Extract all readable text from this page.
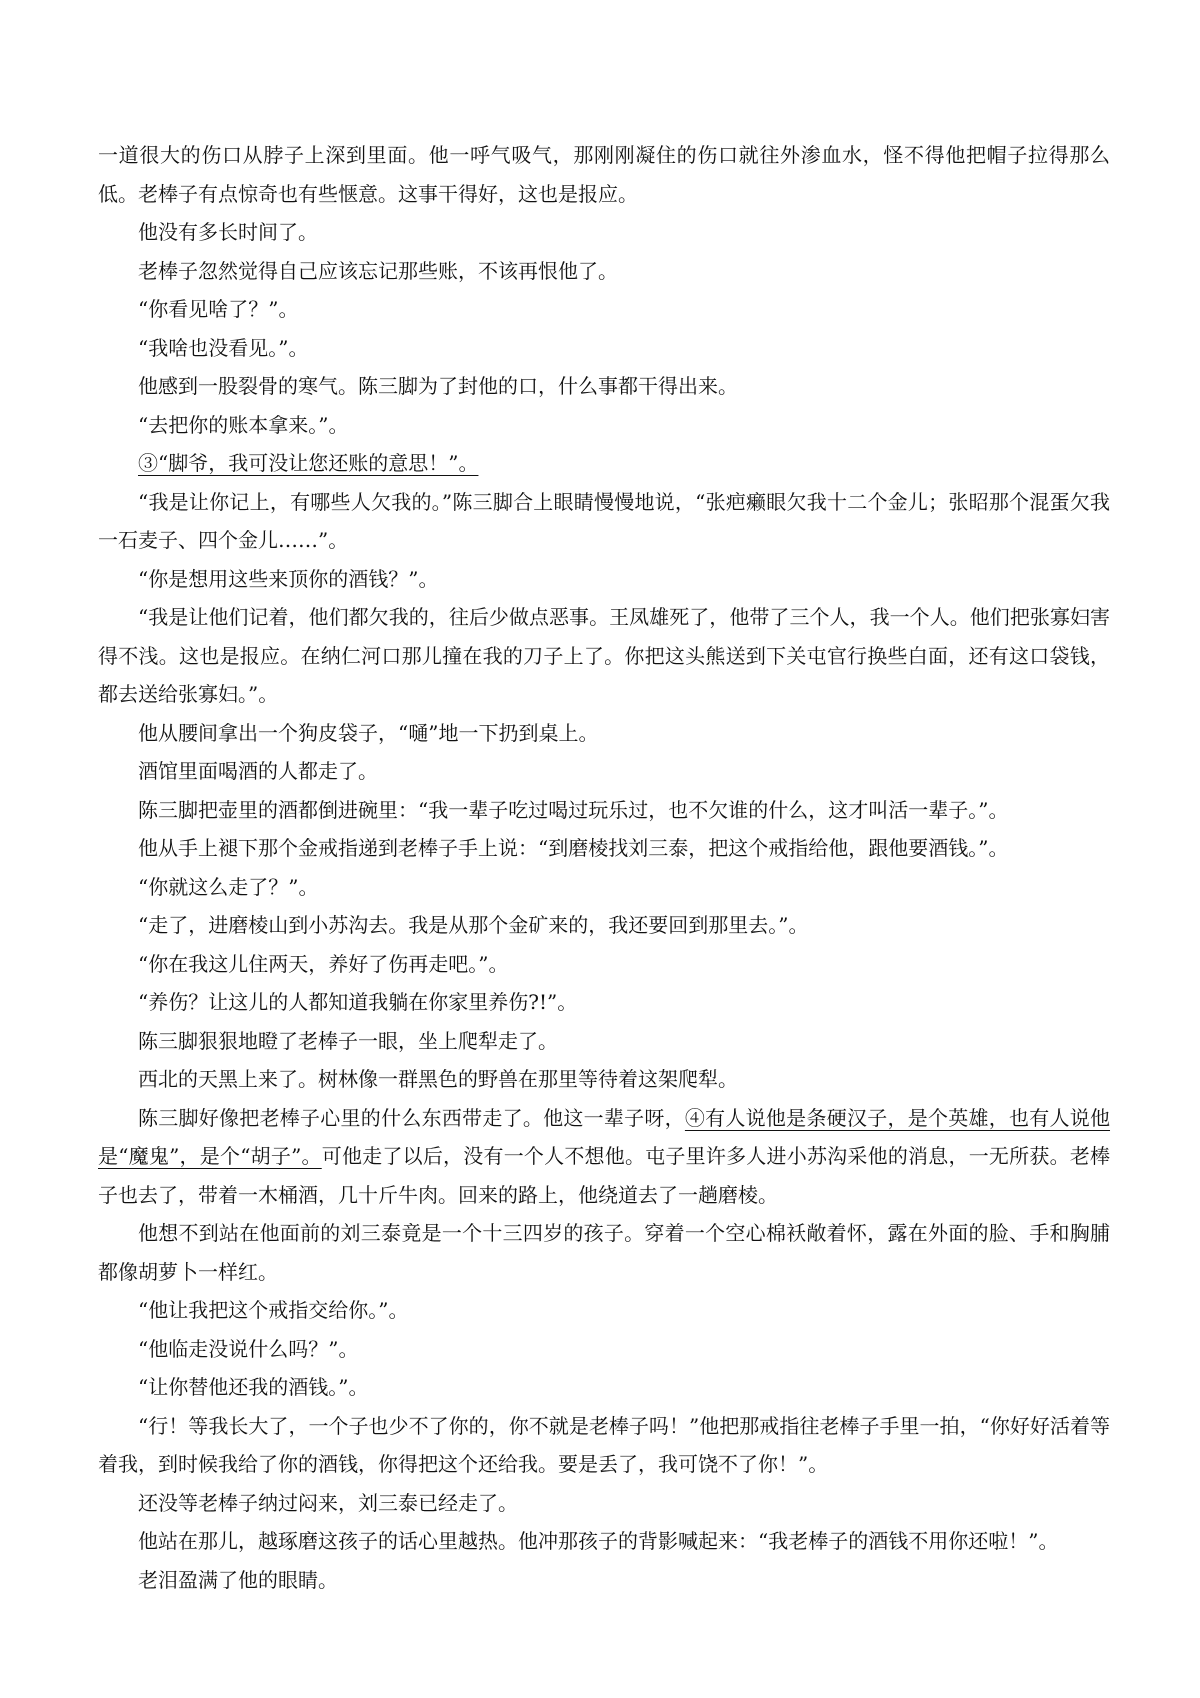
一道很大的伤口从脖子上深到里面。他一呼气吸气，那刚刚凝住的伤口就往外渗血水，怪不得他把帽子拉得那么低。老棒子有点惊奇也有些惬意。这事干得好，这也是报应。

他没有多长时间了。

老棒子忽然觉得自己应该忘记那些账，不该再恨他了。

“你看见啥了？”。

“我啥也没看见。”。

他感到一股裂骨的寒气。陈三脚为了封他的口，什么事都干得出来。

“去把你的账本拿来。”。

③“脚爷，我可没让您还账的意思！”。

“我是让你记上，有哪些人欠我的。”陈三脚合上眼睛慢慢地说，“张疤癞眼欠我十二个金儿；张昭那个混蛋欠我一石麦子、四个金儿……”。

“你是想用这些来顶你的酒钱？”。

“我是让他们记着，他们都欠我的，往后少做点恶事。王凤雄死了，他带了三个人，我一个人。他们把张寡妇害得不浅。这也是报应。在纳仁河口那儿撞在我的刀子上了。你把这头熊送到下关屯官行换些白面，还有这口袋钱，都去送给张寡妇。”。

他从腰间拿出一个狗皮袋子，“嗵”地一下扔到桌上。

酒馆里面喝酒的人都走了。

陈三脚把壶里的酒都倒进碗里：“我一辈子吃过喝过玩乐过，也不欠谁的什么，这才叫活一辈子。”。

他从手上褪下那个金戒指递到老棒子手上说：“到磨棱找刘三泰，把这个戒指给他，跟他要酒钱。”。

“你就这么走了？”。

“走了，进磨棱山到小苏沟去。我是从那个金矿来的，我还要回到那里去。”。

“你在我这儿住两天，养好了伤再走吧。”。

“养伤？让这儿的人都知道我躺在你家里养伤?!”。

陈三脚狠狠地瞪了老棒子一眼，坐上爬犁走了。

西北的天黑上来了。树林像一群黑色的野兽在那里等待着这架爬犁。

陈三脚好像把老棒子心里的什么东西带走了。他这一辈子呀，④有人说他是条硬汉子，是个英雄，也有人说他是“魔鬼”，是个“胡子”。可他走了以后，没有一个人不想他。屯子里许多人进小苏沟采他的消息，一无所获。老棒子也去了，带着一木桶酒，几十斤牛肉。回来的路上，他绕道去了一趟磨棱。

他想不到站在他面前的刘三泰竟是一个十三四岁的孩子。穿着一个空心棉袄敞着怀，露在外面的脸、手和胸脯都像胡萝卜一样红。

“他让我把这个戒指交给你。”。

“他临走没说什么吗？”。

“让你替他还我的酒钱。”。

“行！等我长大了，一个子也少不了你的，你不就是老棒子吗！”他把那戒指往老棒子手里一拍，“你好好活着等着我，到时候我给了你的酒钱，你得把这个还给我。要是丢了，我可饶不了你！”。

还没等老棒子纳过闷来，刘三泰已经走了。

他站在那儿，越琢磨这孩子的话心里越热。他冲那孩子的背影喊起来：“我老棒子的酒钱不用你还啦！”。

老泪盈满了他的眼睛。
